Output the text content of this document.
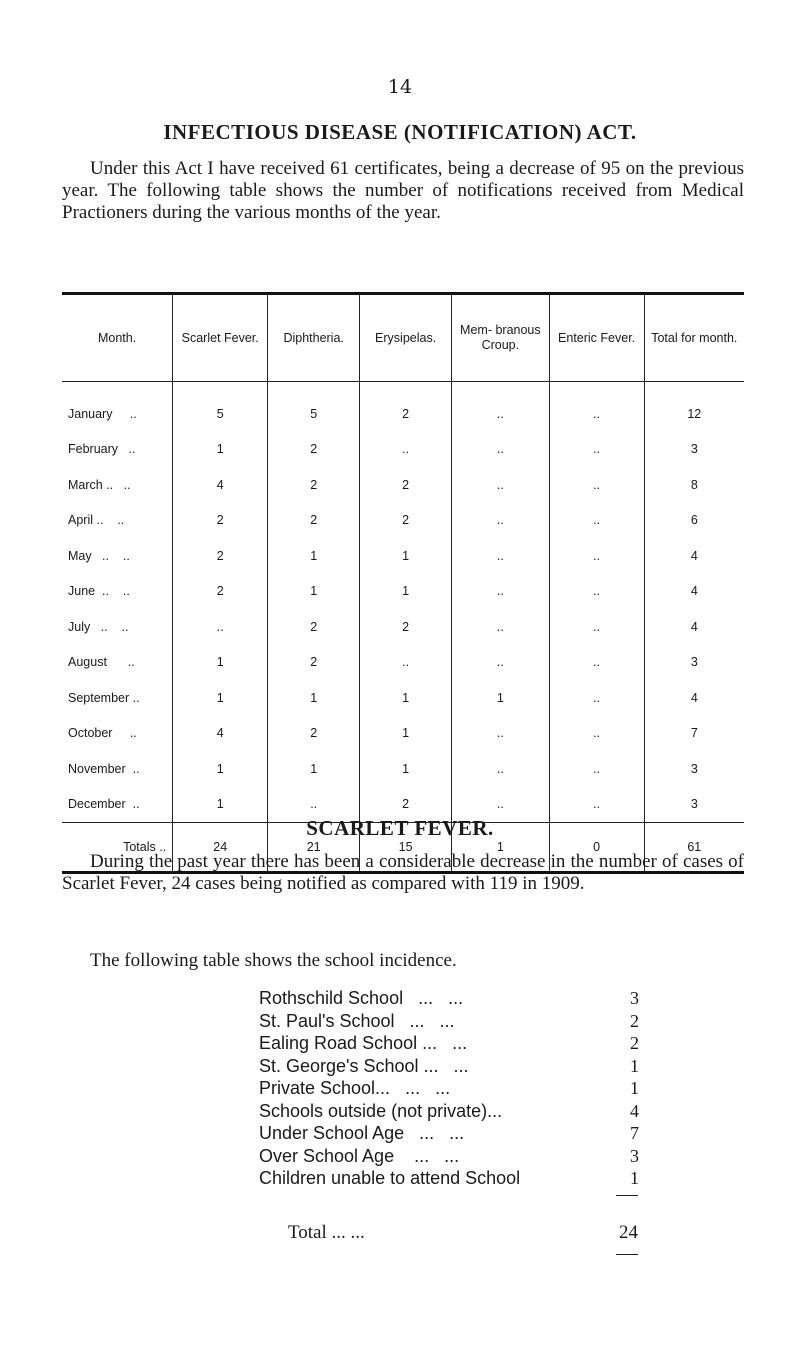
14
INFECTIOUS DISEASE (NOTIFICATION) ACT.
Under this Act I have received 61 certificates, being a decrease of 95 on the previous year. The following table shows the number of notifications received from Medical Practioners during the various months of the year.
Month.	Scarlet Fever.	Diphtheria.	Erysipelas.	Mem- branous Croup.	Enteric Fever.	Total for month.
January     ..	5	5	2	..	..	12
February   ..	1	2	..	..	..	3
March ..   ..	4	2	2	..	..	8
April ..    ..	2	2	2	..	..	6
May   ..    ..	2	1	1	..	..	4
June  ..    ..	2	1	1	..	..	4
July   ..    ..	..	2	2	..	..	4
August      ..	1	2	..	..	..	3
September ..	1	1	1	1	..	4
October     ..	4	2	1	..	..	7
November  ..	1	1	1	..	..	3
December  ..	1	..	2	..	..	3
Totals ..	24	21	15	1	0	61
SCARLET FEVER.
During the past year there has been a considerable decrease in the number of cases of Scarlet Fever, 24 cases being notified as compared with 119 in 1909.
The following table shows the school incidence.
Rothschild School   ...   ...	3
St. Paul's School   ...   ...	2
Ealing Road School ...   ...	2
St. George's School ...   ...	1
Private School...   ...   ...	1
Schools outside (not private)...	4
Under School Age   ...   ...	7
Over School Age    ...   ...	3
Children unable to attend School	1
Total ... ...	24
